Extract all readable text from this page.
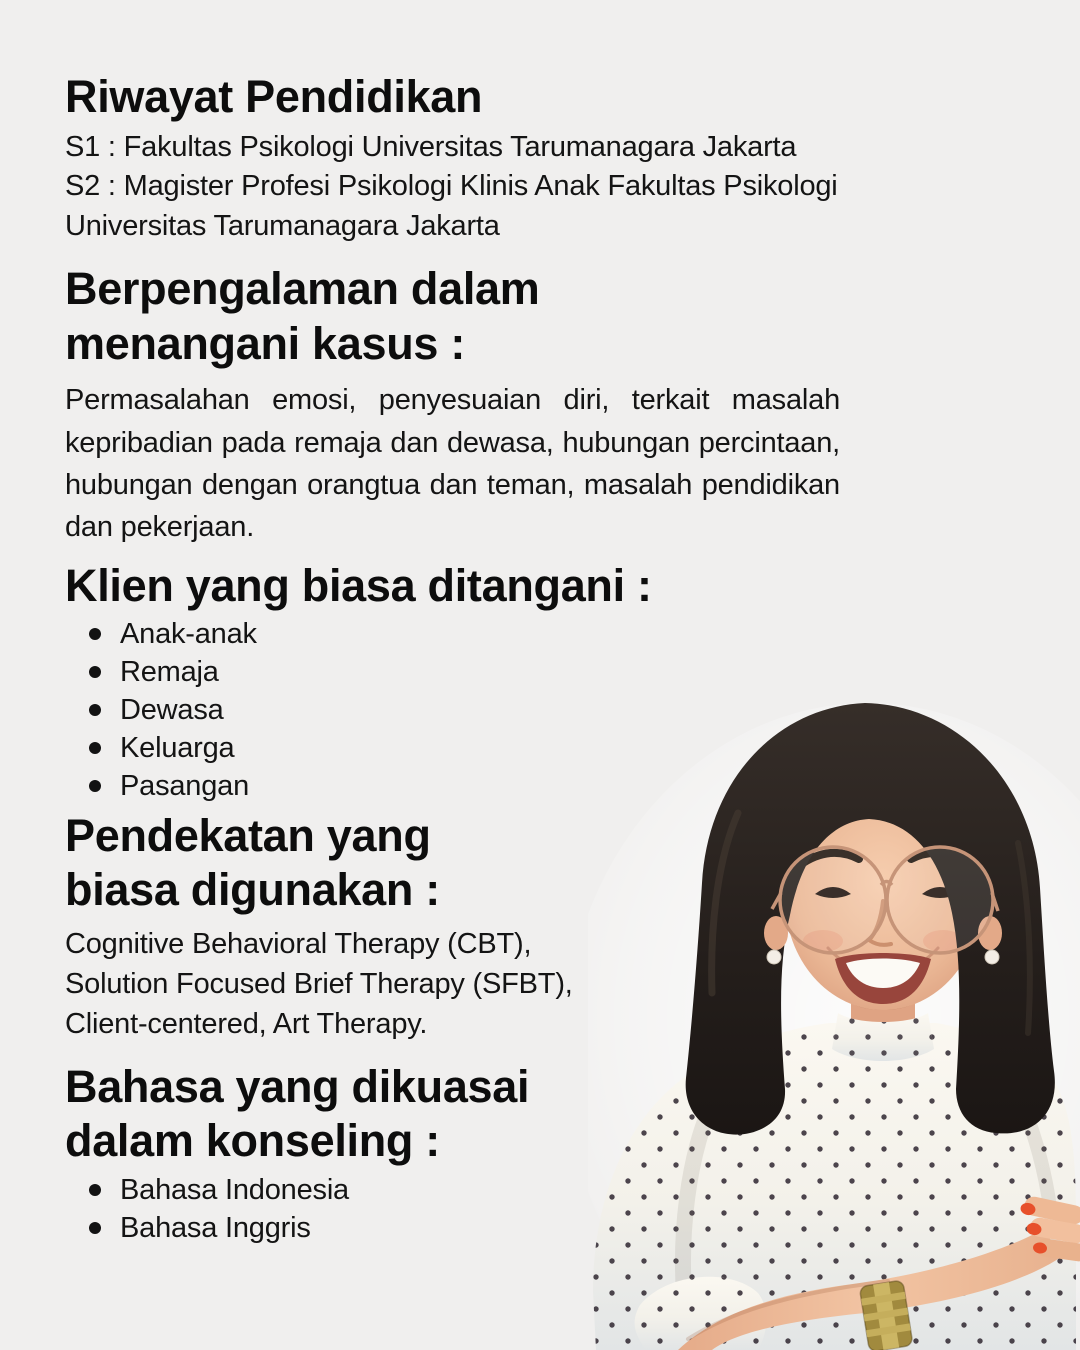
Riwayat Pendidikan

S1 : Fakultas Psikologi Universitas Tarumanagara Jakarta

S2 : Magister Profesi Psikologi Klinis Anak Fakultas Psikologi Universitas Tarumanagara Jakarta

Berpengalaman dalam
menangani kasus :

Permasalahan emosi, penyesuaian diri, terkait masalah kepribadian pada remaja dan dewasa, hubungan percintaan, hubungan dengan orangtua dan teman, masalah pendidikan dan pekerjaan.

Klien yang biasa ditangani :
Anak-anak
Remaja
Dewasa
Keluarga
Pasangan
Pendekatan yang
biasa digunakan :

Cognitive Behavioral Therapy (CBT), Solution Focused Brief Therapy (SFBT), Client-centered, Art Therapy.

Bahasa yang dikuasai
dalam konseling :
Bahasa Indonesia
Bahasa Inggris
